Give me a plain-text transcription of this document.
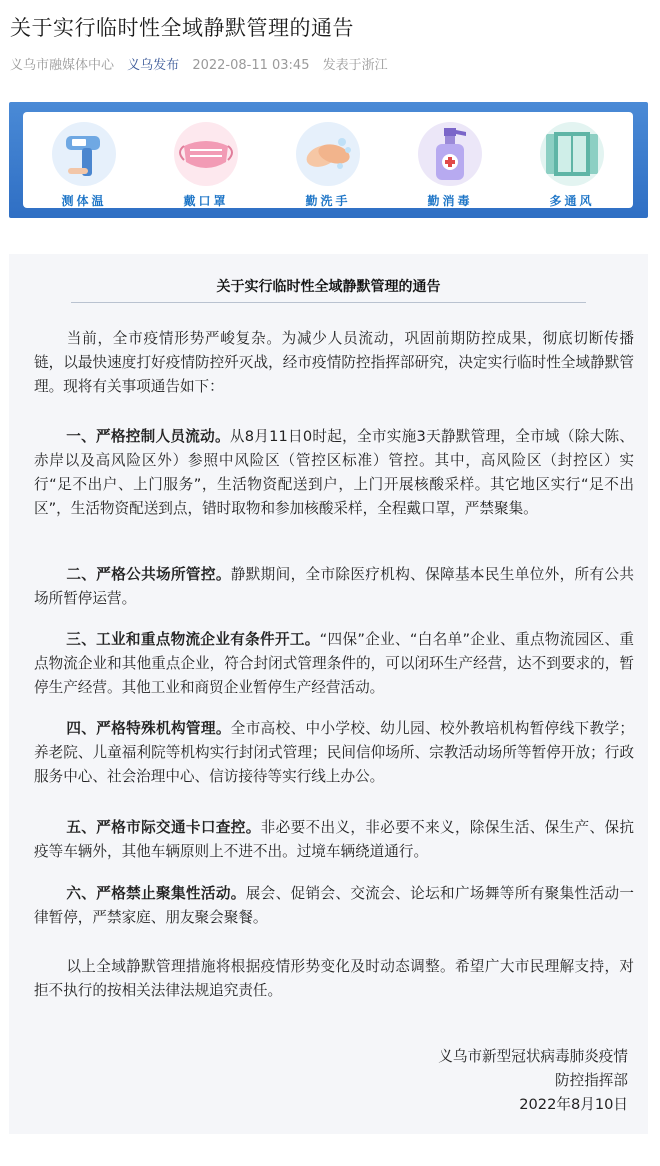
关于实行临时性全域静默管理的通告
义乌市融媒体中心 义乌发布 2022-08-11 03:45 发表于浙江
测体温	戴口罩	勤洗手	勤消毒	多通风
关于实行临时性全域静默管理的通告

当前，全市疫情形势严峻复杂。为减少人员流动，巩固前期防控成果，彻底切断传播链，以最快速度打好疫情防控歼灭战，经市疫情防控指挥部研究，决定实行临时性全域静默管理。现将有关事项通告如下：

一、严格控制人员流动。从8月11日0时起，全市实施3天静默管理，全市域（除大陈、赤岸以及高风险区外）参照中风险区（管控区标准）管控。其中，高风险区（封控区）实行“足不出户、上门服务”，生活物资配送到户，上门开展核酸采样。其它地区实行“足不出区”，生活物资配送到点，错时取物和参加核酸采样，全程戴口罩，严禁聚集。

二、严格公共场所管控。静默期间，全市除医疗机构、保障基本民生单位外，所有公共场所暂停运营。

三、工业和重点物流企业有条件开工。“四保”企业、“白名单”企业、重点物流园区、重点物流企业和其他重点企业，符合封闭式管理条件的，可以闭环生产经营，达不到要求的，暂停生产经营。其他工业和商贸企业暂停生产经营活动。

四、严格特殊机构管理。全市高校、中小学校、幼儿园、校外教培机构暂停线下教学；养老院、儿童福利院等机构实行封闭式管理；民间信仰场所、宗教活动场所等暂停开放；行政服务中心、社会治理中心、信访接待等实行线上办公。

五、严格市际交通卡口查控。非必要不出义，非必要不来义，除保生活、保生产、保抗疫等车辆外，其他车辆原则上不进不出。过境车辆绕道通行。

六、严格禁止聚集性活动。展会、促销会、交流会、论坛和广场舞等所有聚集性活动一律暂停，严禁家庭、朋友聚会聚餐。

以上全域静默管理措施将根据疫情形势变化及时动态调整。希望广大市民理解支持，对拒不执行的按相关法律法规追究责任。

义乌市新型冠状病毒肺炎疫情
防控指挥部
2022年8月10日
